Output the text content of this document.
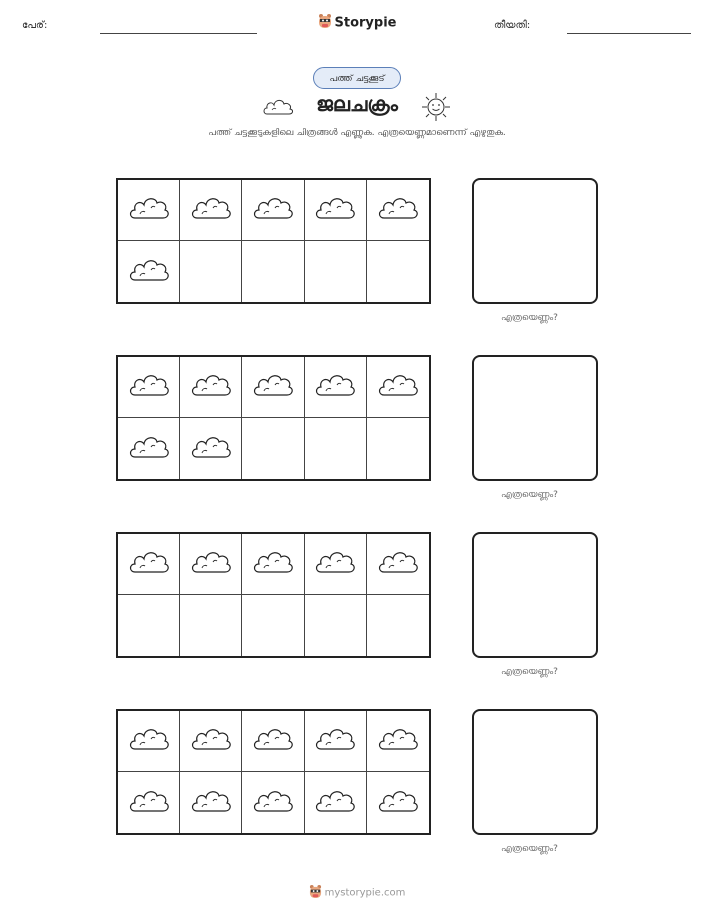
പേര്:	Storypie	തീയതി:
പത്ത് ചട്ടക്കൂട്
ജലചക്രം
പത്ത് ചട്ടക്കൂടുകളിലെ ചിത്രങ്ങൾ എണ്ണുക. എത്രയെണ്ണമാണെന്ന് എഴുതുക.
എത്രയെണ്ണം?
എത്രയെണ്ണം?
എത്രയെണ്ണം?
എത്രയെണ്ണം?
mystorypie.com
